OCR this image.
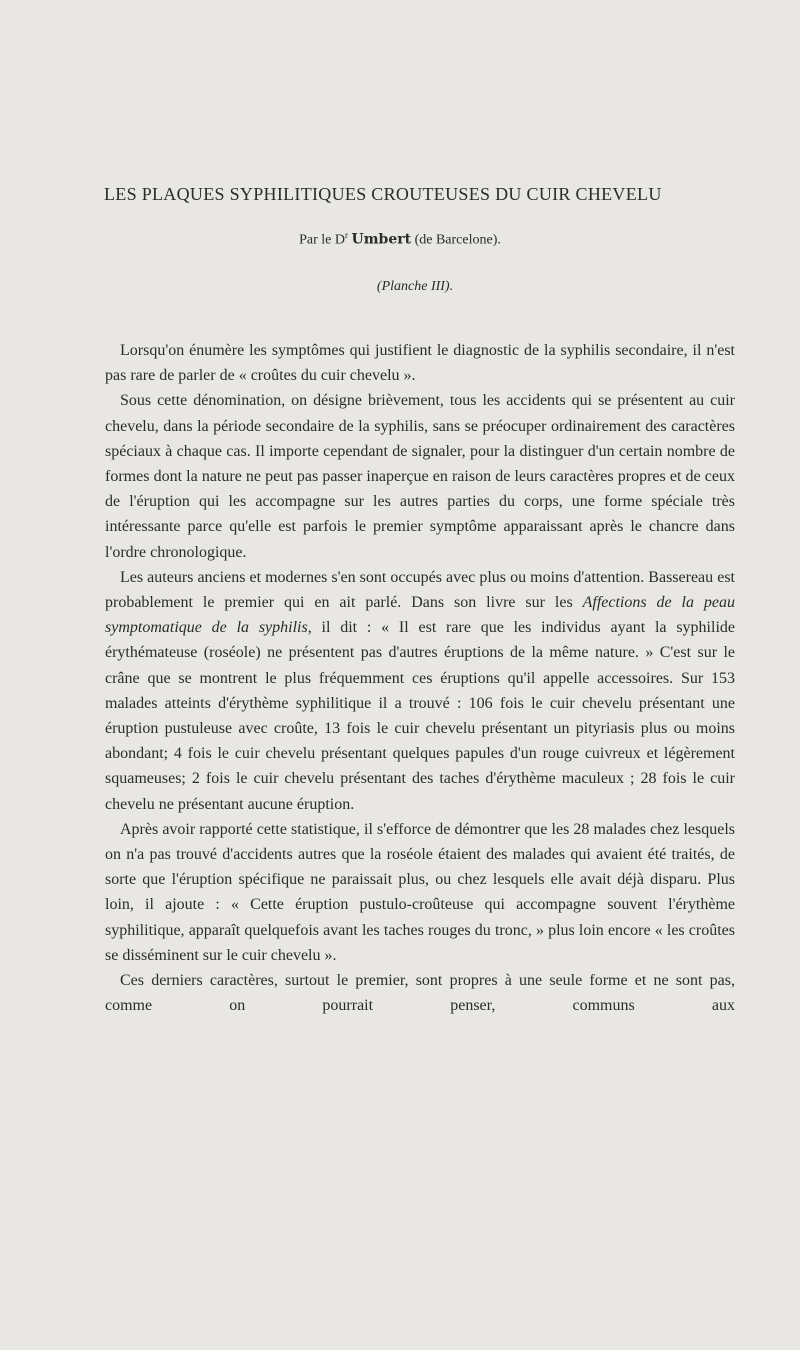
LES PLAQUES SYPHILITIQUES CROUTEUSES DU CUIR CHEVELU
Par le $D^r$ Umbert (de Barcelone).
(Planche III).

Lorsqu'on énumère les symptômes qui justifient le diagnostic de la syphilis secondaire, il n'est pas rare de parler de « croûtes du cuir chevelu ».

Sous cette dénomination, on désigne brièvement, tous les accidents qui se présentent au cuir chevelu, dans la période secondaire de la syphilis, sans se préocuper ordinairement des caractères spéciaux à chaque cas. Il importe cependant de signaler, pour la distinguer d'un certain nombre de formes dont la nature ne peut pas passer inaperçue en raison de leurs caractères propres et de ceux de l'éruption qui les accompagne sur les autres parties du corps, une forme spéciale très intéressante parce qu'elle est parfois le premier symptôme apparaissant après le chancre dans l'ordre chronologique.

Les auteurs anciens et modernes s'en sont occupés avec plus ou moins d'attention. Bassereau est probablement le premier qui en ait parlé. Dans son livre sur les Affections de la peau symptomatique de la syphilis, il dit : « Il est rare que les individus ayant la syphilide érythémateuse (roséole) ne présentent pas d'autres éruptions de la même nature. » C'est sur le crâne que se montrent le plus fréquemment ces éruptions qu'il appelle accessoires. Sur 153 malades atteints d'érythème syphilitique il a trouvé : 106 fois le cuir chevelu présentant une éruption pustuleuse avec croûte, 13 fois le cuir chevelu présentant un pityriasis plus ou moins abondant; 4 fois le cuir chevelu présentant quelques papules d'un rouge cuivreux et légèrement squameuses; 2 fois le cuir chevelu présentant des taches d'érythème maculeux ; 28 fois le cuir chevelu ne présentant aucune éruption.

Après avoir rapporté cette statistique, il s'efforce de démontrer que les 28 malades chez lesquels on n'a pas trouvé d'accidents autres que la roséole étaient des malades qui avaient été traités, de sorte que l'éruption spécifique ne paraissait plus, ou chez lesquels elle avait déjà disparu. Plus loin, il ajoute : « Cette éruption pustulo-croûteuse qui accompagne souvent l'érythème syphilitique, apparaît quelquefois avant les taches rouges du tronc, » plus loin encore « les croûtes se disséminent sur le cuir chevelu ».

Ces derniers caractères, surtout le premier, sont propres à une seule forme et ne sont pas, comme on pourrait penser, communs aux
